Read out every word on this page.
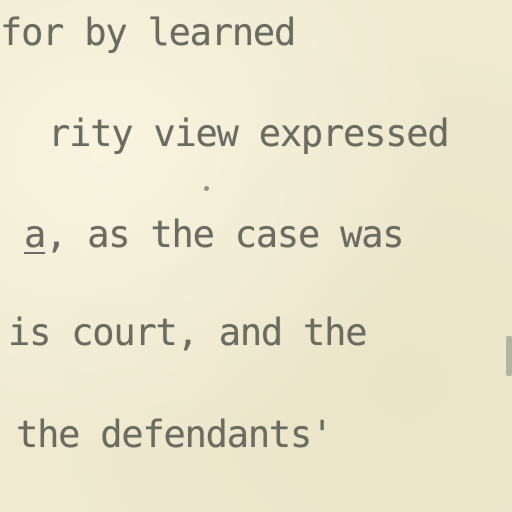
for by learned

rity view expressed

a, as the case was

is court, and the

the defendants'
